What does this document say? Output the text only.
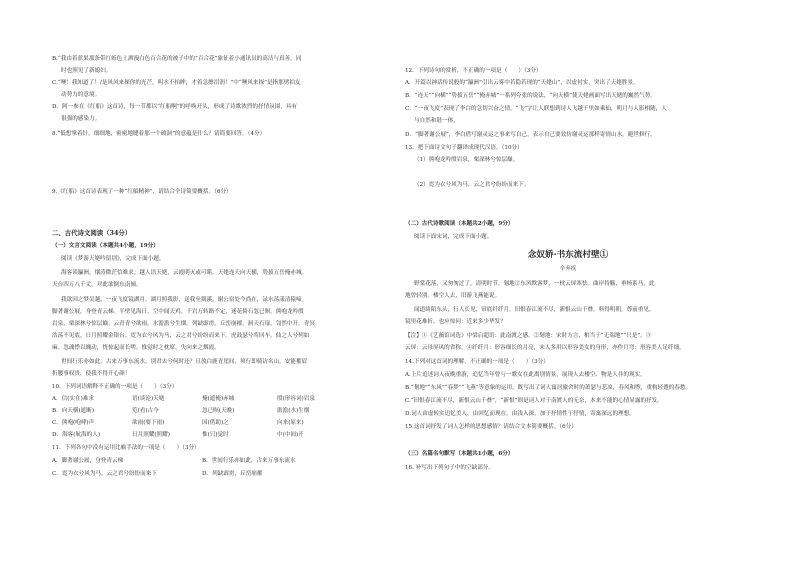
B.“我由着蓝果那条带红蚯色土洒漫白色百合花的被子中的”百合花”象征着小通讯员的高洁与真善。同
时也照见了新媳妇。
C.“噢！我知道了！/是风风来探你的光芒，叫水不抬眸，才着急擦泪润！”中“噢风来探”是指那劈拍友
动势力的意境。
D．阿一参在《红船》这首诗，每一节都以“红船啊”的呼唤开头，形成了诗歌浓烈的抒情氛围，具有
很强的感染力。
8.“低想掌着针，细细地，密密地缝着那一个破洞”的意蕴是什么？请简要回答。（4分）
9.《红船》这首诗表现了一种“红船精神”，请结合全诗简要概括。（6分）
二、古代诗文阅读（34分）
（一）文言文阅读（本题共4小题，19分）
阅读《梦游天姥吟留别》，完成下面小题。
海客谈瀛洲，烟涛微茫信难求；越人语天姥，云霞明灭或可睹。天姥连天向天横，势拔五岳掩赤城。
天台四万八千丈，对此欲倒东南倾。
我欲因之梦吴越，一夜飞度镜湖月。湖月照我影，送我至剡溪。谢公宿处今尚在，渌水荡漾清猿啼。
脚著谢公屐，身登青云梯。半壁见海日，空中闻天鸡。千岩万转路不定，迷花倚石忽已暝。熊咆龙吟殷
岩泉，栗深林兮惊层巅。云青青兮欲雨，水澹澹兮生烟。列缺霹雳，丘峦崩摧。洞天石扉，訇然中开。青冥
浩荡不见底，日月照耀金银台。霓为衣兮风为马，云之君兮纷纷而来下。虎鼓瑟兮鸾回车，仙之人兮列如
麻。忽魂悸以魄动，恍惊起而长嗟。惟觉时之枕席，失向来之烟霞。
世间行乐亦如此，古来万事东流水。别君去兮何时还？且放白鹿青崖间，须行即骑访名山。安能摧眉
折腰事权贵，使我不得开心颜！
10．下列词语解释不正确的一项是（　　）（3分）
A．信(实在)难求	语(谈论)天姥	掩(遮掩)赤城	殷(形容词)岩泉
B．向天横(遮断)	览(看)古今	忽已暝(天晚)	澹澹(水)生烟
C．熊咆(咆哮)声	欲雨(要下雨)	因(借助)之	向来(原来)
D．海客(航海的人)	日月照耀(照耀)	惟(只)觉时	中(中间)开
11．下列各句中没有运用比喻手法的一项是（　　）（3分）
A．脚著谢公屐，身登青云梯	B．世间行乐亦如此，古来万事东流水
C．霓为衣兮风为马，云之君兮纷纷而来下	D．列缺霹雳，丘峦崩摧
12．下列诗句的赏析，不正确的一项是（　　）（3分）
A．开篇以神话传说般的“瀛洲”引出云雾中若隐若现的“天姥山”，以虚衬实，突出了天姥胜景。
B．“连天”“向横”“势拔五岳”“掩赤城”一系列夸张的说法，“向天横”使天姥画面写出天姥的巍然气势。
C．“一夜飞度”表现了李白的急切兴奋之情，“飞”字让人联想到诗人飞越千里如乘仙，明月与人影相随，人
与自然和谐一体。
D．“脚著谢公屐”，李白借写谢灵运之事来写自己，表示自己要效仿谢灵运那样寄情山水，避世修行。
13．把下面诗文句子翻译成现代汉语。（10分）
（1）熊咆龙吟殷岩泉，栗深林兮惊层巅。
（2）霓为衣兮风为马，云之君兮纷纷而来下。
（二）古代诗歌阅读（本题共2小题，9分）
阅读下面宋词，完成下面小题。
念奴娇·书东流村壁①
辛弃疾
野棠花落，又匆匆过了，清明时节。刬地②东风欺客梦，一枕云屏寒怯。曲岸持觞，垂杨系马，此
地曾轻别。楼空人去，旧游飞燕能说。
闻道绮陌东头，行人长见，帘底纤纤月。旧恨春江流不尽，新恨云山千叠。料得明朝，尊前重见，
镜里花难折。也应惊问：近来多少华发？
【注】①《艺蘅馆词选》中梁启超语：此南渡之感。②刬地：宋时方言，相当于“无端地”“只是”。③
云屏：云母屏风的省称。④纤纤月：形容细长的月亮，宋人多用以形容美女的身形，亦作月弯：形容美人足纤细。
14.下列对这首词的理解，不正确的一项是（　　）（3分）
A.上片追述词人夜晚重游，追忆当年曾与一歌女在此离别情景，展现人去楼空、物是人非的现实。
B.“刬地”“东风”“春梦”“飞燕”等意象的运用，既写出了词人寓居旅舍时的萧瑟与悲凉，春风和煦，重构轻蹙的春愁。
C.“旧恨春江流不尽，新恨云山千叠”，“新恨”则是词人对于南渡人的无奈，本来不能的心情显露的抒发。
D.词人由虚转实追忆美人，由回忆而现在，由浅入深，加于抒情性于抒情，寄寓深远的理想。
15.这首词抒发了词人怎样的思想感情？请结合文本简要概括。（6分）
（三）名篇名句默写（本题共1小题，6分）
16. 补写出下列句子中的空缺部分。
